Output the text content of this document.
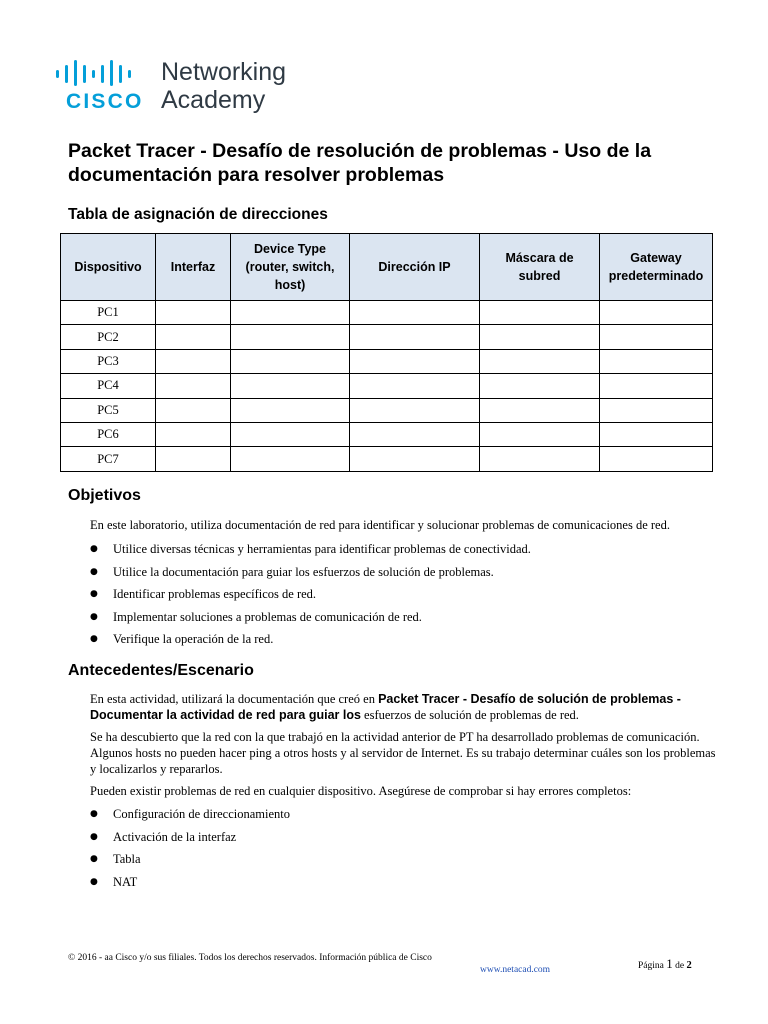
CISCO
Networking
Academy
Packet Tracer - Desafío de resolución de problemas - Uso de la documentación para resolver problemas
Tabla de asignación de direcciones
Dispositivo	Interfaz	Device Type (router, switch, host)	Dirección IP	Máscara de subred	Gateway predeterminado
PC1					
PC2					
PC3					
PC4					
PC5					
PC6					
PC7					
Objetivos
En este laboratorio, utiliza documentación de red para identificar y solucionar problemas de comunicaciones de red.
● Utilice diversas técnicas y herramientas para identificar problemas de conectividad.
● Utilice la documentación para guiar los esfuerzos de solución de problemas.
● Identificar problemas específicos de red.
● Implementar soluciones a problemas de comunicación de red.
● Verifique la operación de la red.
Antecedentes/Escenario
En esta actividad, utilizará la documentación que creó en Packet Tracer - Desafío de solución de problemas - Documentar la actividad de red para guiar los esfuerzos de solución de problemas de red.
Se ha descubierto que la red con la que trabajó en la actividad anterior de PT ha desarrollado problemas de comunicación. Algunos hosts no pueden hacer ping a otros hosts y al servidor de Internet. Es su trabajo determinar cuáles son los problemas y localizarlos y repararlos.
Pueden existir problemas de red en cualquier dispositivo. Asegúrese de comprobar si hay errores completos:
● Configuración de direccionamiento
● Activación de la interfaz
● Tabla
● NAT
© 2016 - aa Cisco y/o sus filiales. Todos los derechos reservados. Información pública de Cisco
www.netacad.com	Página 1 de 2
